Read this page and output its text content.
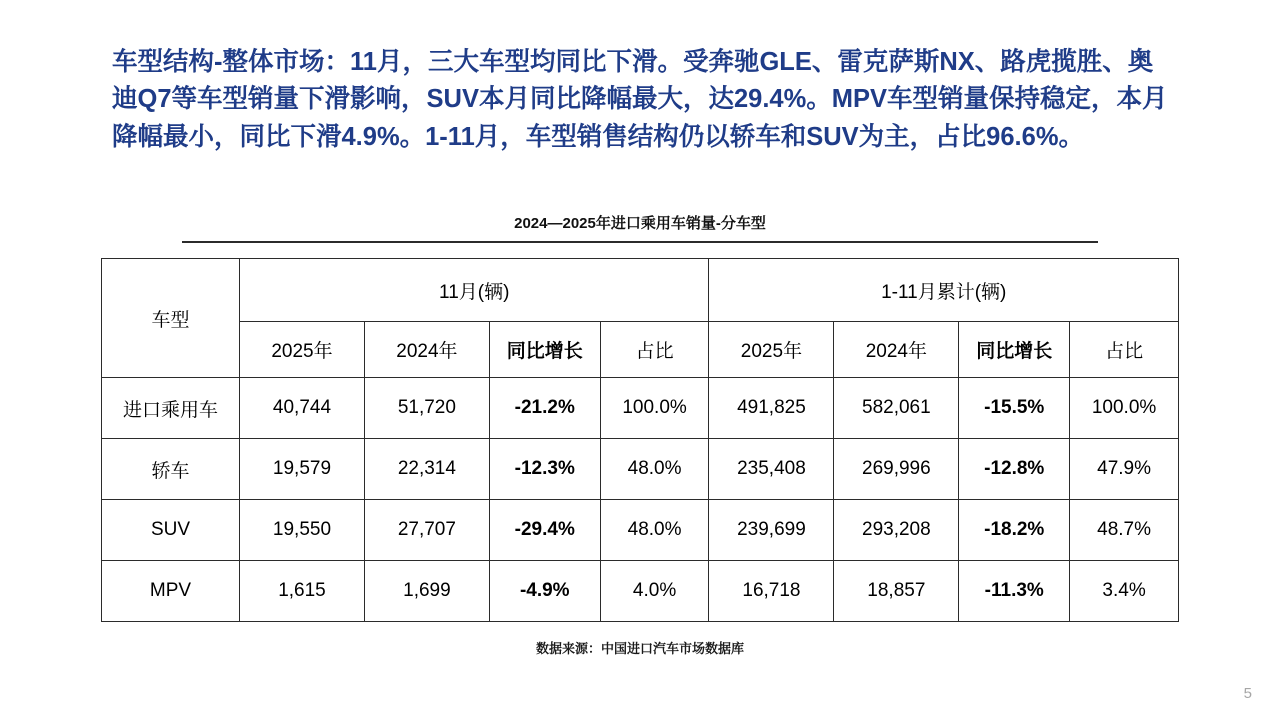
车型结构-整体市场：11月，三大车型均同比下滑。受奔驰GLE、雷克萨斯NX、路虎揽胜、奥迪Q7等车型销量下滑影响，SUV本月同比降幅最大，达29.4%。MPV车型销量保持稳定，本月降幅最小，同比下滑4.9%。1-11月，车型销售结构仍以轿车和SUV为主，占比96.6%。
2024—2025年进口乘用车销量-分车型
车型	11月(辆)				1-11月累计(辆)			
	2025年	2024年	同比增长	占比	2025年	2024年	同比增长	占比
进口乘用车	40,744	51,720	-21.2%	100.0%	491,825	582,061	-15.5%	100.0%
轿车	19,579	22,314	-12.3%	48.0%	235,408	269,996	-12.8%	47.9%
SUV	19,550	27,707	-29.4%	48.0%	239,699	293,208	-18.2%	48.7%
MPV	1,615	1,699	-4.9%	4.0%	16,718	18,857	-11.3%	3.4%
数据来源：中国进口汽车市场数据库
5
